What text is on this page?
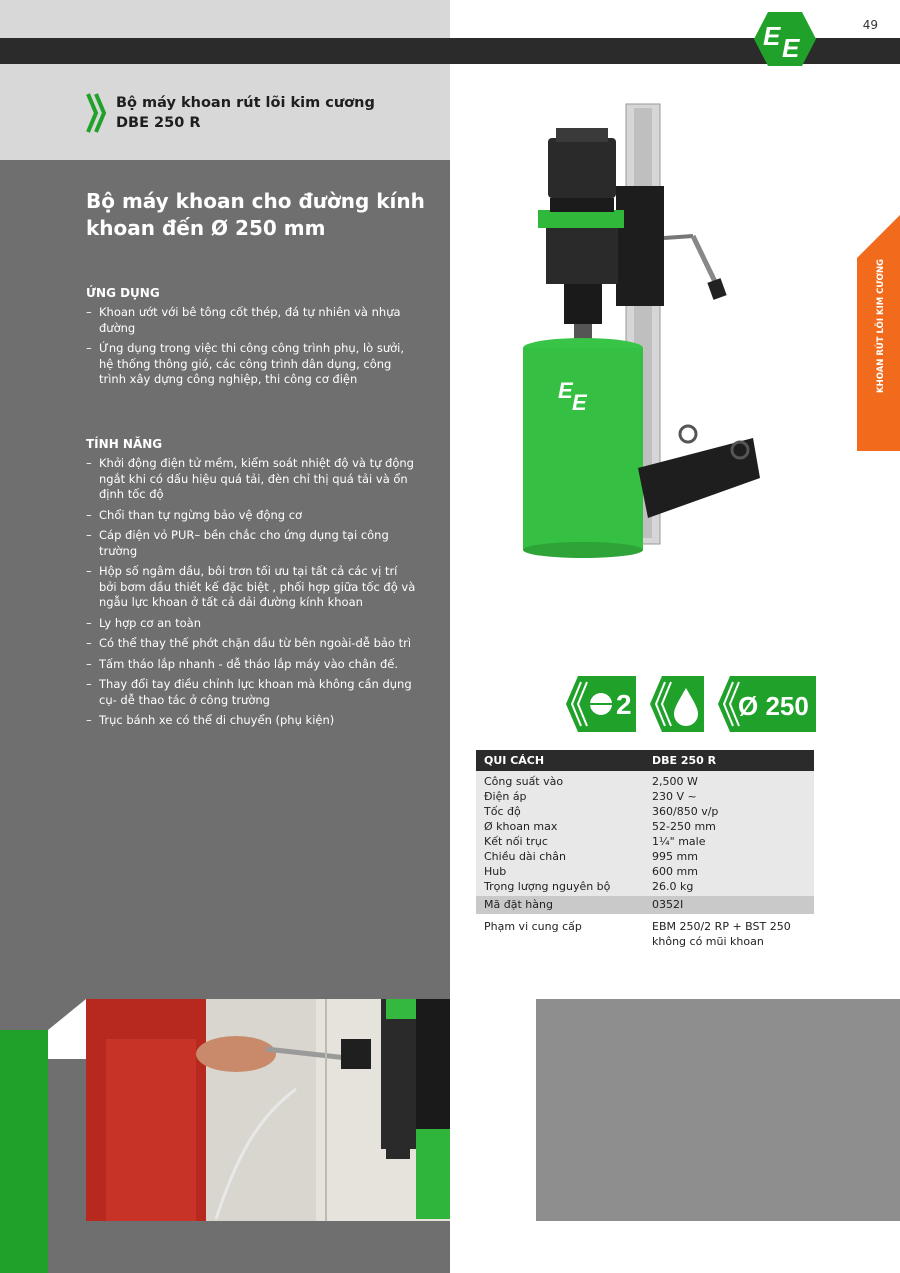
49
E E
Bộ máy khoan rút lõi kim cương
DBE 250 R
Bộ máy khoan cho đường kính khoan đến Ø 250 mm
ỨNG DỤNG
– Khoan ướt với bê tông cốt thép, đá tự nhiên và nhựa đường
– Ứng dụng trong việc thi công công trình phụ, lò sưởi, hệ thống thông gió, các công trình dân dụng, công trình xây dựng công nghiệp, thi công cơ điện
TÍNH NĂNG
– Khởi động điện tử mềm, kiểm soát nhiệt độ và tự động ngắt khi có dấu hiệu quá tải, đèn chỉ thị quá tải và ổn định tốc độ
– Chổi than tự ngừng bảo vệ động cơ
– Cáp điện vỏ PUR– bền chắc cho ứng dụng tại công trường
– Hộp số ngâm dầu, bôi trơn tối ưu tại tất cả các vị trí bởi bơm dầu thiết kế đặc biệt , phối hợp giữa tốc độ và ngẫu lực khoan ở tất cả dải đường kính khoan
– Ly hợp cơ an toàn
– Có thể thay thế phớt chặn dầu từ bên ngoài-dễ bảo trì
– Tấm tháo lắp nhanh - dễ tháo lắp máy vào chân đế.
– Thay đổi tay điều chỉnh lực khoan mà không cần dụng cụ- dễ thao tác ở công trường
– Trục bánh xe có thể di chuyển (phụ kiện)
KHOAN RÚT LÕI KIM CƯƠNG
E E
2	Ø 250
QUI CÁCH	DBE 250 R
Công suất vào	2,500 W
Điện áp	230 V ~
Tốc độ	360/850 v/p
Ø khoan max	52-250 mm
Kết nối trục	1¼" male
Chiều dài chân	995 mm
Hub	600 mm
Trọng lượng nguyên bộ	26.0 kg
Mã đặt hàng	0352I
Phạm vi cung cấp	EBM 250/2 RP + BST 250
không có mũi khoan
